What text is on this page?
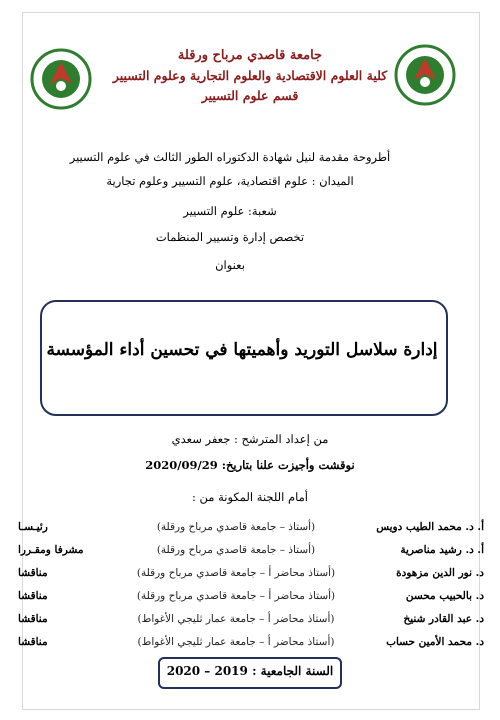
جامعة قاصدي مرباح ورقلة
كلية العلوم الاقتصادية والعلوم التجارية وعلوم التسيير
قسم علوم التسيير
أطروحة مقدمة لنيل شهادة الدكتوراه الطور الثالث في علوم التسيير
الميدان : علوم اقتصادية، علوم التسيير وعلوم تجارية
شعبة: علوم التسيير
تخصص إدارة وتسيير المنظمات
بعنوان
إدارة سلاسل التوريد وأهميتها في تحسين أداء المؤسسة
من إعداد المترشح : جعفر سعدي
نوقشت وأجيزت علنا بتاريخ: 2020/09/29
أمام اللجنة المكونة من :
أ. د. محمد الطيب دويس	(أستاذ – جامعة قاصدي مرباح ورقلة)	رئيـسـا
أ. د. رشيد مناصرية	(أستاذ – جامعة قاصدي مرباح ورقلة)	مشرفا ومقـررا
د. نور الدين مزهودة	(أستاذ محاضر أ – جامعة قاصدي مرباح ورقلة)	مناقشا
د. بالحبيب محسن	(أستاذ محاضر أ – جامعة قاصدي مرباح ورقلة)	مناقشا
د. عبد القادر شنيخ	(أستاذ محاضر أ – جامعة عمار ثليجي الأغواط)	مناقشا
د. محمد الأمين حساب	(أستاذ محاضر أ – جامعة عمار ثليجي الأغواط)	مناقشا
السنة الجامعية : 2019 – 2020
